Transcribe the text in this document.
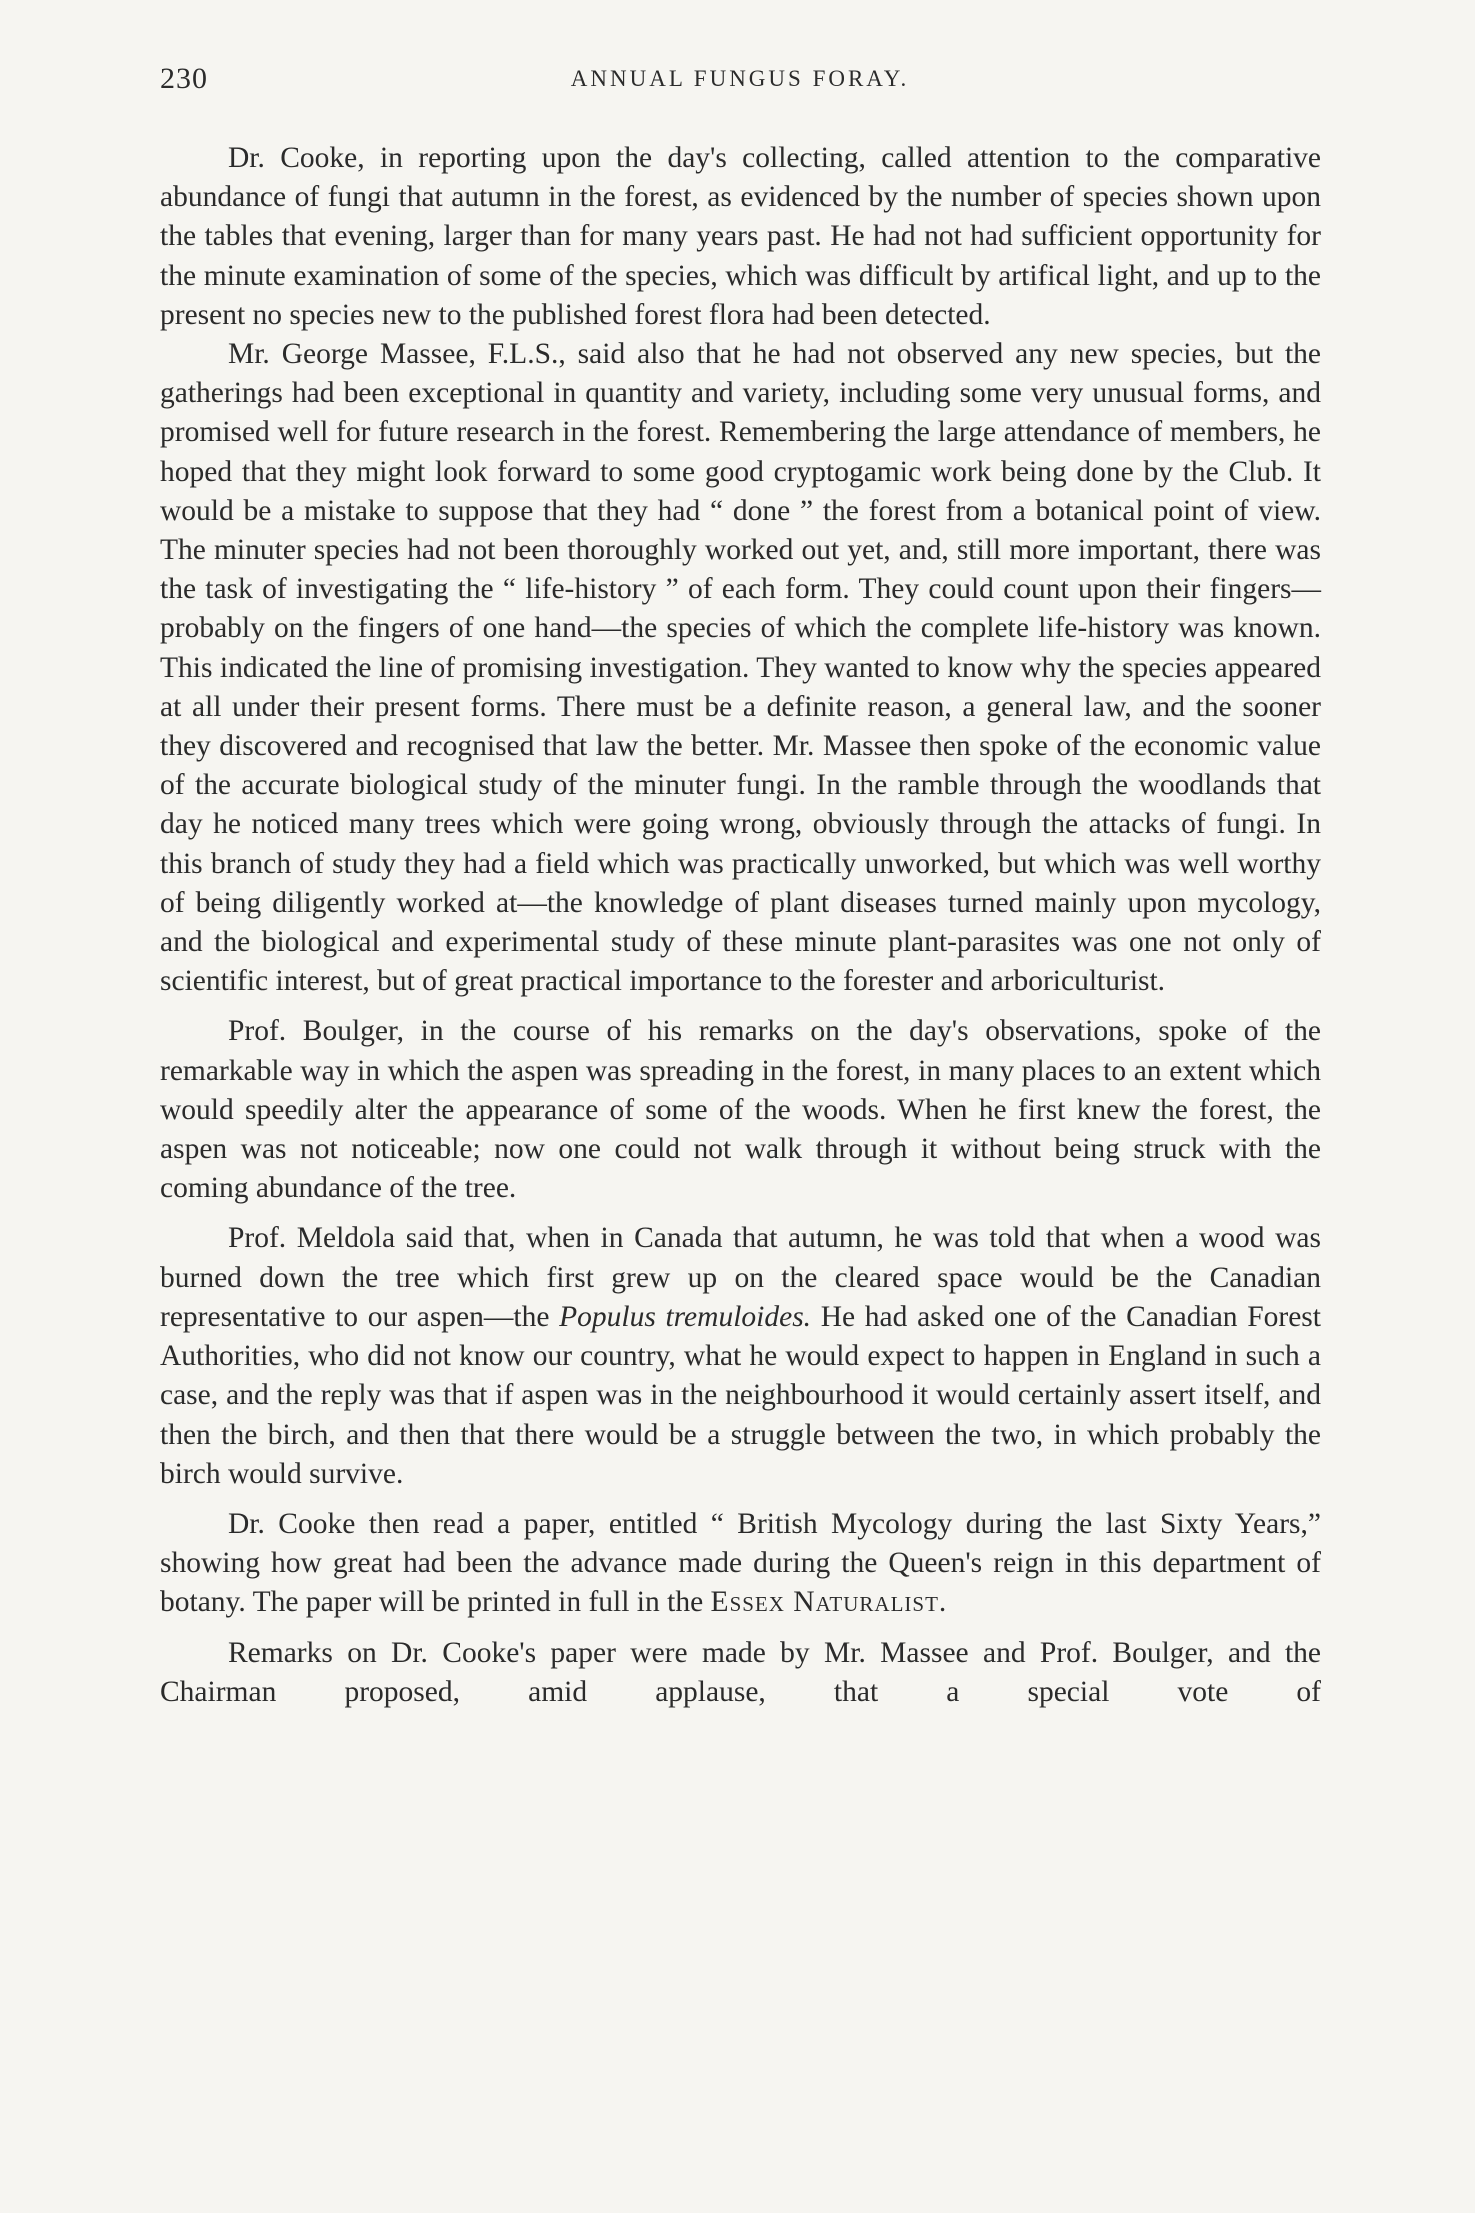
230	ANNUAL FUNGUS FORAY.

Dr. Cooke, in reporting upon the day's collecting, called attention to the comparative abundance of fungi that autumn in the forest, as evidenced by the number of species shown upon the tables that evening, larger than for many years past. He had not had sufficient opportunity for the minute examination of some of the species, which was difficult by artifical light, and up to the present no species new to the published forest flora had been detected.

Mr. George Massee, F.L.S., said also that he had not observed any new species, but the gatherings had been exceptional in quantity and variety, including some very unusual forms, and promised well for future research in the forest. Remembering the large attendance of members, he hoped that they might look forward to some good cryptogamic work being done by the Club. It would be a mistake to suppose that they had “ done ” the forest from a botanical point of view. The minuter species had not been thoroughly worked out yet, and, still more important, there was the task of investigating the “ life-history ” of each form. They could count upon their fingers—probably on the fingers of one hand—the species of which the complete life-history was known. This indicated the line of promising investigation. They wanted to know why the species appeared at all under their present forms. There must be a definite reason, a general law, and the sooner they discovered and recognised that law the better. Mr. Massee then spoke of the economic value of the accurate biological study of the minuter fungi. In the ramble through the woodlands that day he noticed many trees which were going wrong, obviously through the attacks of fungi. In this branch of study they had a field which was practically unworked, but which was well worthy of being diligently worked at—the knowledge of plant diseases turned mainly upon mycology, and the biological and experimental study of these minute plant-parasites was one not only of scientific interest, but of great practical importance to the forester and arboriculturist.

Prof. Boulger, in the course of his remarks on the day's observations, spoke of the remarkable way in which the aspen was spreading in the forest, in many places to an extent which would speedily alter the appearance of some of the woods. When he first knew the forest, the aspen was not noticeable; now one could not walk through it without being struck with the coming abundance of the tree.

Prof. Meldola said that, when in Canada that autumn, he was told that when a wood was burned down the tree which first grew up on the cleared space would be the Canadian representative to our aspen—the Populus tremuloides. He had asked one of the Canadian Forest Authorities, who did not know our country, what he would expect to happen in England in such a case, and the reply was that if aspen was in the neighbourhood it would certainly assert itself, and then the birch, and then that there would be a struggle between the two, in which probably the birch would survive.

Dr. Cooke then read a paper, entitled “ British Mycology during the last Sixty Years,” showing how great had been the advance made during the Queen's reign in this department of botany. The paper will be printed in full in the Essex Naturalist.

Remarks on Dr. Cooke's paper were made by Mr. Massee and Prof. Boulger, and the Chairman proposed, amid applause, that a special vote of
